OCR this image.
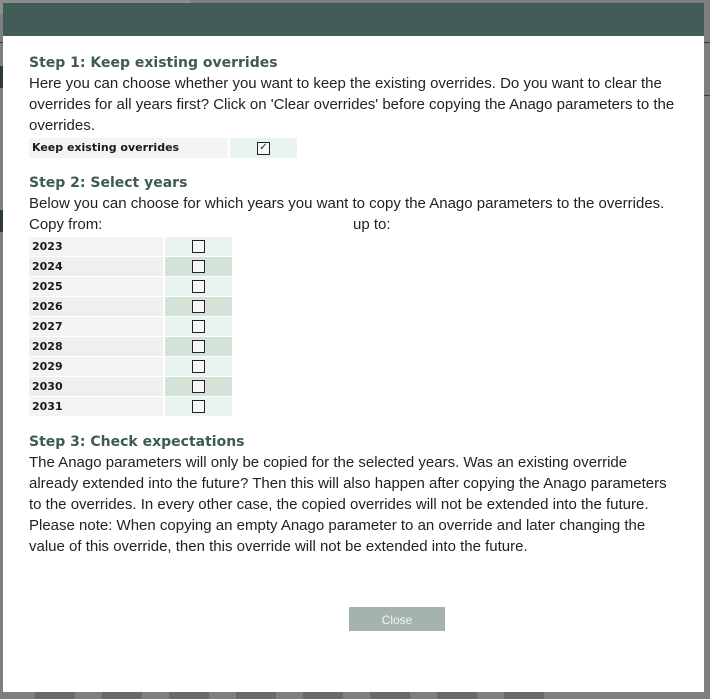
Step 1: Keep existing overrides

Here you can choose whether you want to keep the existing overrides. Do you want to clear the overrides for all years first? Click on 'Clear overrides' before copying the Anago parameters to the overrides.

Keep existing overrides	✓
Step 2: Select years

Below you can choose for which years you want to copy the Anago parameters to the overrides.

Copy from:	up to:

2023	

2024	

2025	

2026	

2027	

2028	

2029	

2030	

2031	
Step 3: Check expectations

The Anago parameters will only be copied for the selected years. Was an existing override already extended into the future? Then this will also happen after copying the Anago parameters to the overrides. In every other case, the copied overrides will not be extended into the future. Please note: When copying an empty Anago parameter to an override and later changing the value of this override, then this override will not be extended into the future.

Close
